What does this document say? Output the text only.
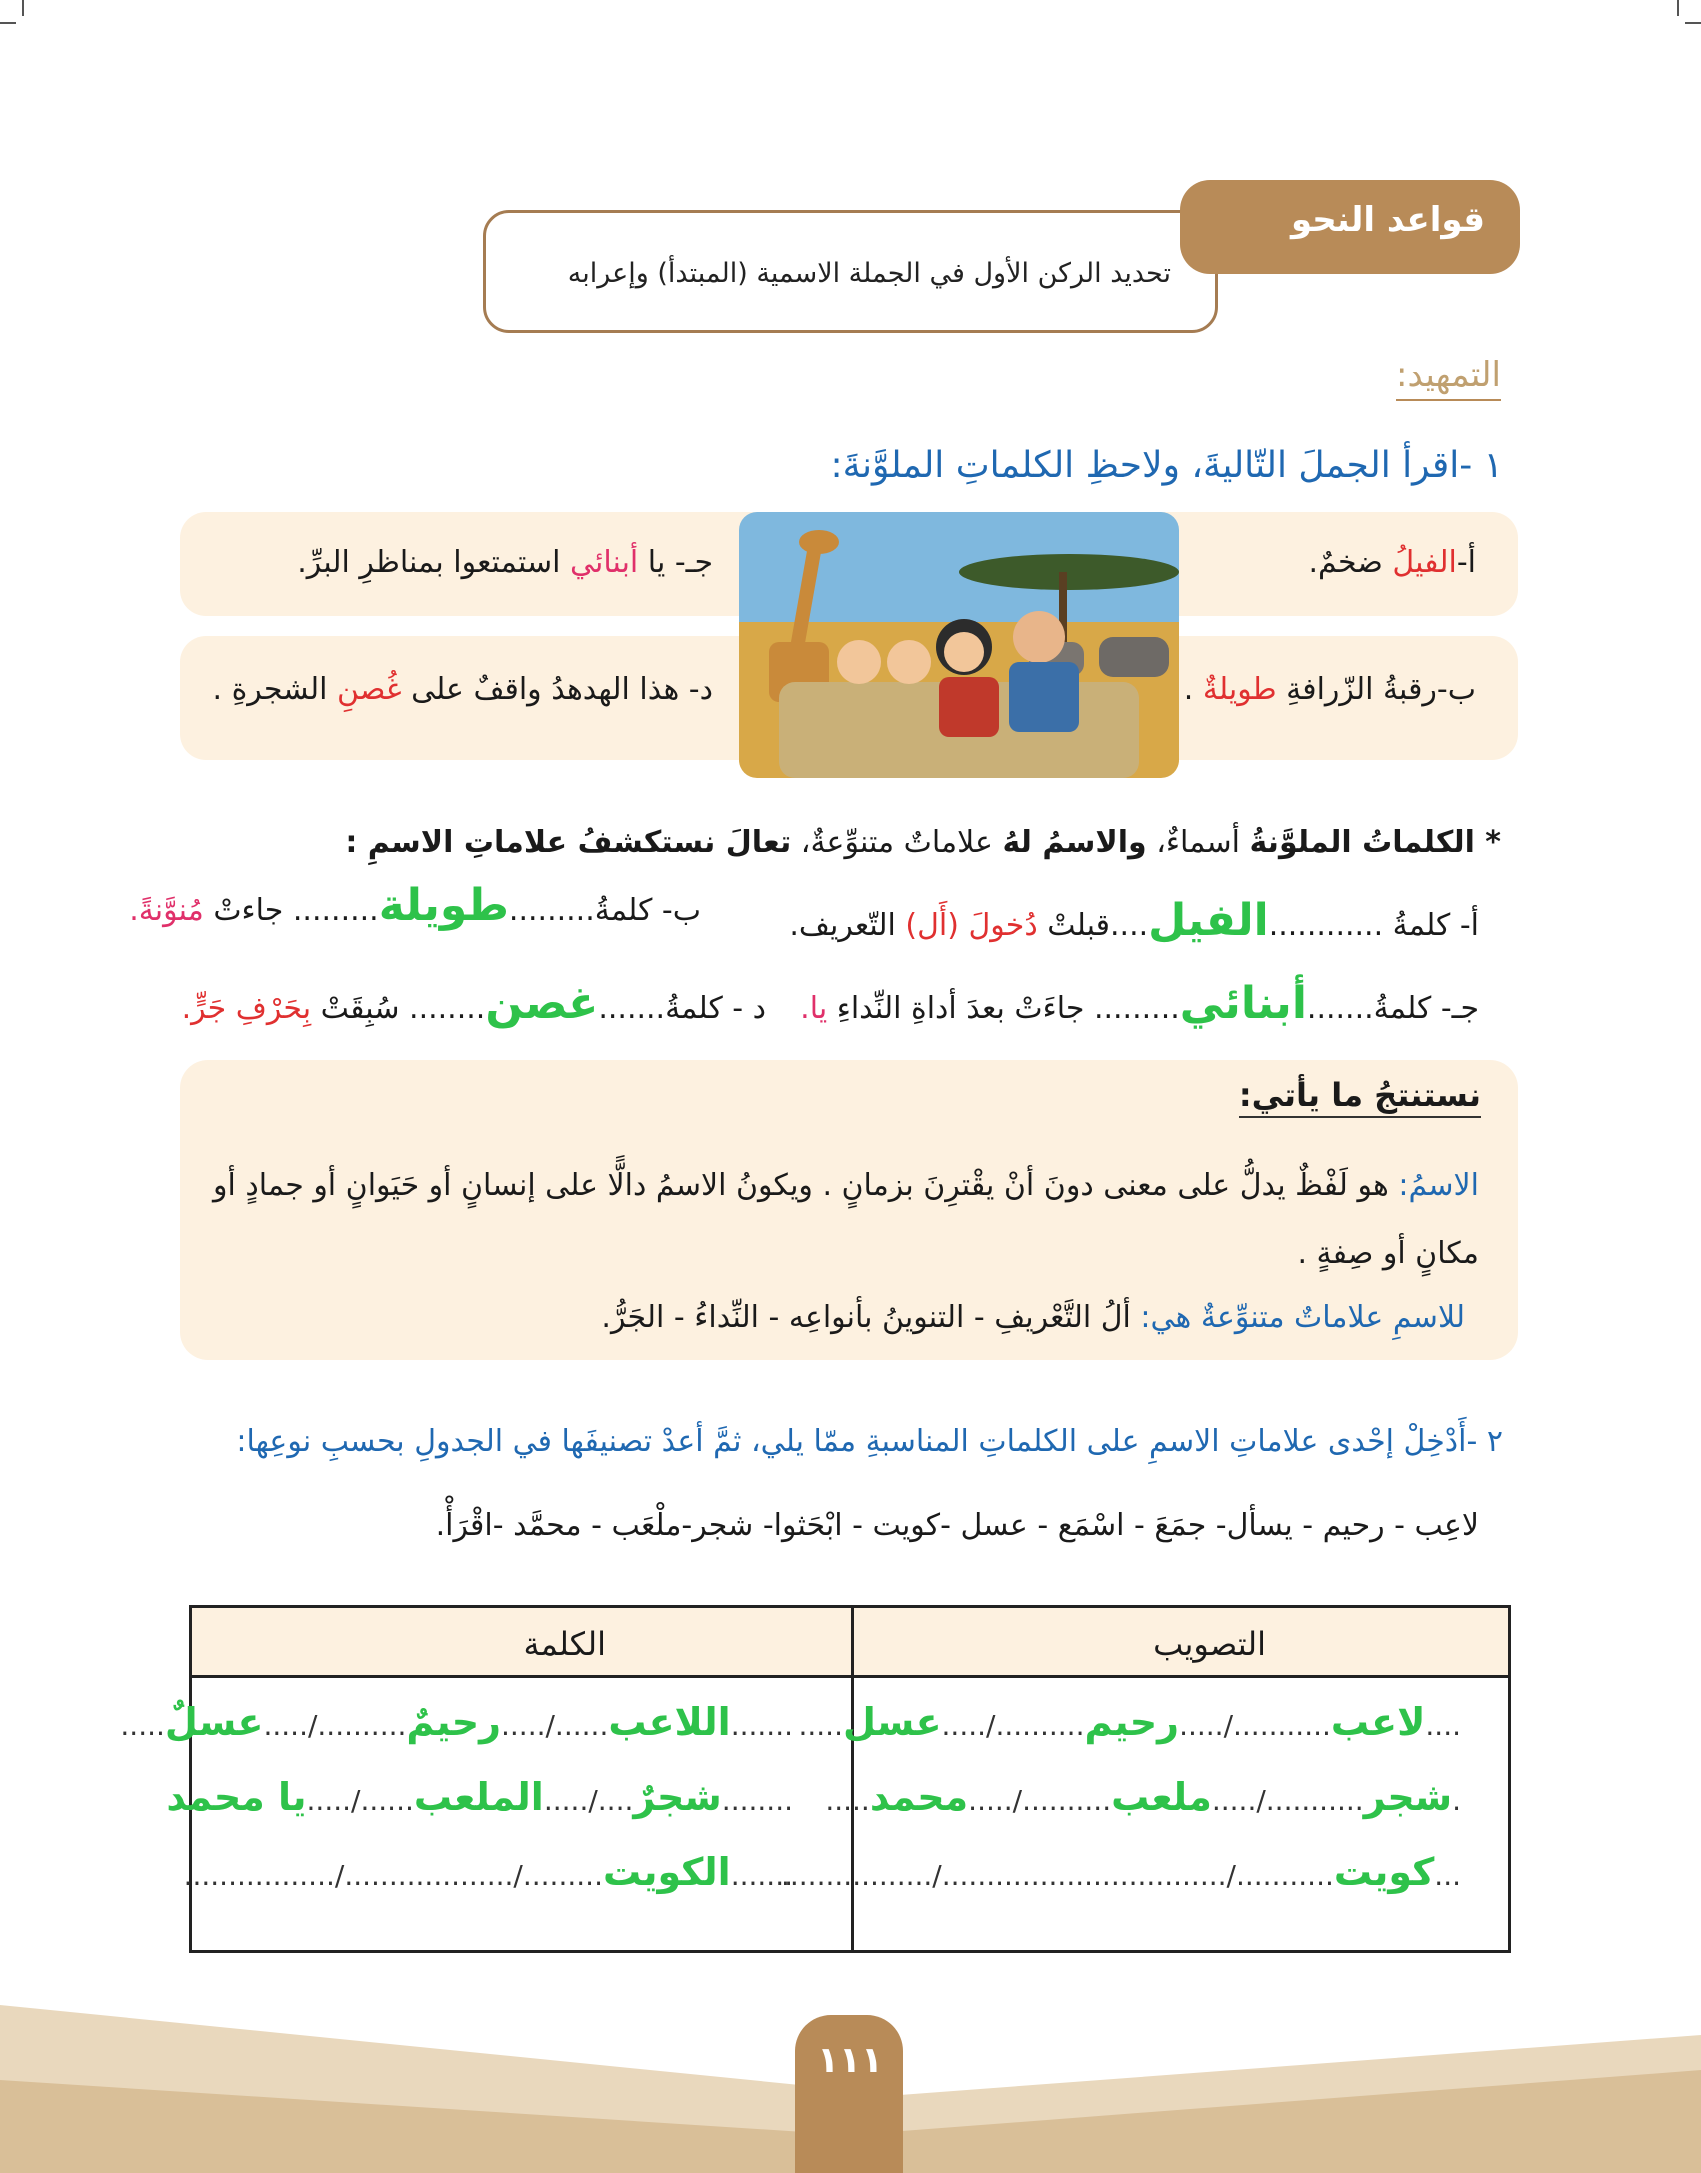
تحديد الركن الأول في الجملة الاسمية (المبتدأ) وإعرابه
قواعد النحو
التمهيد:
١ -اقرأ الجملَ التّاليةَ، ولاحظِ الكلماتِ الملوَّنةَ:
أ-الفيلُ ضخمٌ.
جـ- يا أبنائي استمتعوا بمناظرِ البرِّ.
ب-رقبةُ الزّرافةِ طويلةٌ .
د- هذا الهدهدُ واقفٌ على غُصنِ الشجرةِ .
* الكلماتُ الملوَّنةُ أسماءٌ، والاسمُ لهُ علاماتٌ متنوِّعةٌ، تعالَ نستكشفُ علاماتِ الاسمِ :
أ- كلمةُ ............الفيل....قبلتْ دُخولَ (أَل) التّعريف.
ب- كلمةُ.........طويلة......... جاءتْ مُنوَّنةً.
جـ- كلمةُ.......أبنائي......... جاءَتْ بعدَ أداةِ النِّداءِ يا.
د - كلمةُ.......غصن........ سُبِقَتْ بِحَرْفِ جَرٍّ.
نستنتجُ ما يأتي:
الاسمُ: هو لَفْظٌ يدلُّ على معنى دونَ أنْ يقْترِنَ بزمانٍ . ويكونُ الاسمُ دالًّا على إنسانٍ أو حَيَوانٍ أو جمادٍ أو مكانٍ أو صِفةٍ .
للاسمِ علاماتٌ متنوِّعةٌ هي: ألُ التَّعْريفِ - التنوينُ بأنواعِه - النِّداءُ - الجَرُّ.
٢ -أَدْخِلْ إحْدى علاماتِ الاسمِ على الكلماتِ المناسبةِ ممّا يلي، ثمَّ أعدْ تصنيفَها في الجدولِ بحسبِ نوعِها:
لاعِب - رحيم - يسأل- جمَعَ - اسْمَع - عسل -كويت - ابْحَثوا- شجر-ملْعَب - محمَّد -اقْرَأْ.
الكلمة	التصويب
....لاعب.........../.....رحيم........../.....عسل.....
.شجر.........../.....ملعب........../.....محمد.....
...كويت.........../................................/.................
.......اللاعب....../.....رحيمٌ........../.....عسلٌ.....
........شجرٌ..../.....الملعب....../.....يا محمد
.......الكويت........./.................../.................
١١١
